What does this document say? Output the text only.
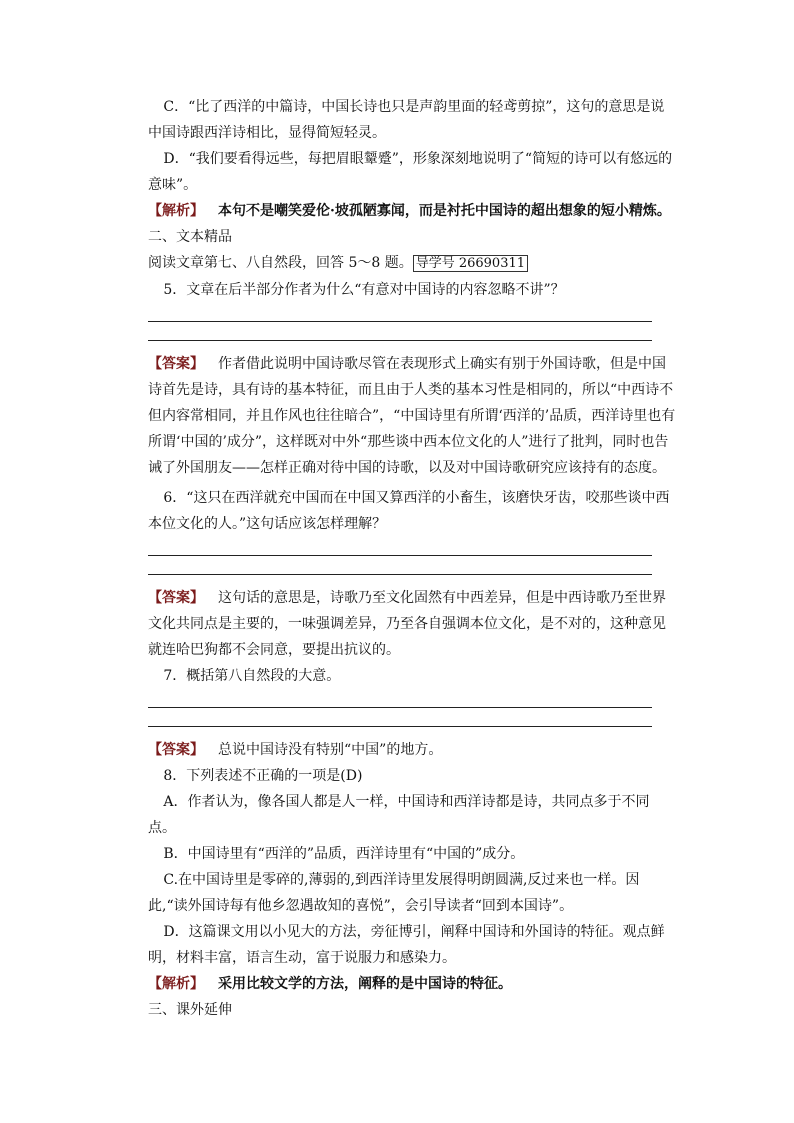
C．“比了西洋的中篇诗，中国长诗也只是声韵里面的轻鸢剪掠”，这句的意思是说中国诗跟西洋诗相比，显得简短轻灵。

D．“我们要看得远些，每把眉眼颦蹙”，形象深刻地说明了“简短的诗可以有悠远的意味”。

【解析】 本句不是嘲笑爱伦·坡孤陋寡闻，而是衬托中国诗的超出想象的短小精炼。

二、文本精品

阅读文章第七、八自然段，回答 5～8 题。 导学号 26690311

5．文章在后半部分作者为什么“有意对中国诗的内容忽略不讲”？

【答案】 作者借此说明中国诗歌尽管在表现形式上确实有别于外国诗歌，但是中国诗首先是诗，具有诗的基本特征，而且由于人类的基本习性是相同的，所以“中西诗不但内容常相同，并且作风也往往暗合”，“中国诗里有所谓‘西洋的’品质，西洋诗里也有所谓‘中国的’成分”，这样既对中外“那些谈中西本位文化的人”进行了批判，同时也告诫了外国朋友——怎样正确对待中国的诗歌，以及对中国诗歌研究应该持有的态度。

6．“这只在西洋就充中国而在中国又算西洋的小畜生，该磨快牙齿，咬那些谈中西本位文化的人。”这句话应该怎样理解？

【答案】 这句话的意思是，诗歌乃至文化固然有中西差异，但是中西诗歌乃至世界文化共同点是主要的，一味强调差异，乃至各自强调本位文化，是不对的，这种意见就连哈巴狗都不会同意，要提出抗议的。

7．概括第八自然段的大意。

【答案】 总说中国诗没有特别“中国”的地方。

8．下列表述不正确的一项是(D)

A．作者认为，像各国人都是人一样，中国诗和西洋诗都是诗，共同点多于不同点。

B．中国诗里有“西洋的”品质，西洋诗里有“中国的”成分。

C.在中国诗里是零碎的,薄弱的,到西洋诗里发展得明朗圆满,反过来也一样。因此,“读外国诗每有他乡忽遇故知的喜悦”，会引导读者“回到本国诗”。

D．这篇课文用以小见大的方法，旁征博引，阐释中国诗和外国诗的特征。观点鲜明，材料丰富，语言生动，富于说服力和感染力。

【解析】 采用比较文学的方法，阐释的是中国诗的特征。

三、课外延伸
